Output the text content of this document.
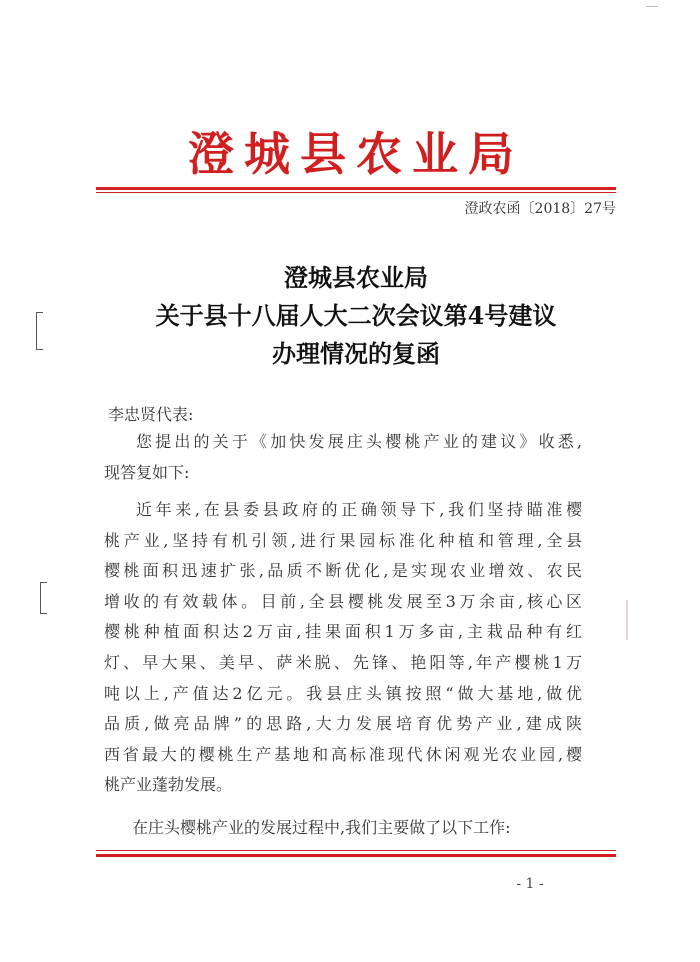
澄城县农业局
澄政农函〔2018〕27号
澄城县农业局
关于县十八届人大二次会议第4号建议
办理情况的复函
李忠贤代表:
您提出的关于《加快发展庄头樱桃产业的建议》收悉,
现答复如下:
近年来,在县委县政府的正确领导下,我们坚持瞄准樱
桃产业,坚持有机引领,进行果园标准化种植和管理,全县
樱桃面积迅速扩张,品质不断优化,是实现农业增效、农民
增收的有效载体。目前,全县樱桃发展至3万余亩,核心区
樱桃种植面积达2万亩,挂果面积1万多亩,主栽品种有红
灯、早大果、美早、萨米脱、先锋、艳阳等,年产樱桃1万
吨以上,产值达2亿元。我县庄头镇按照“做大基地,做优
品质,做亮品牌”的思路,大力发展培育优势产业,建成陕
西省最大的樱桃生产基地和高标准现代休闲观光农业园,樱
桃产业蓬勃发展。
在庄头樱桃产业的发展过程中,我们主要做了以下工作:
- 1 -
